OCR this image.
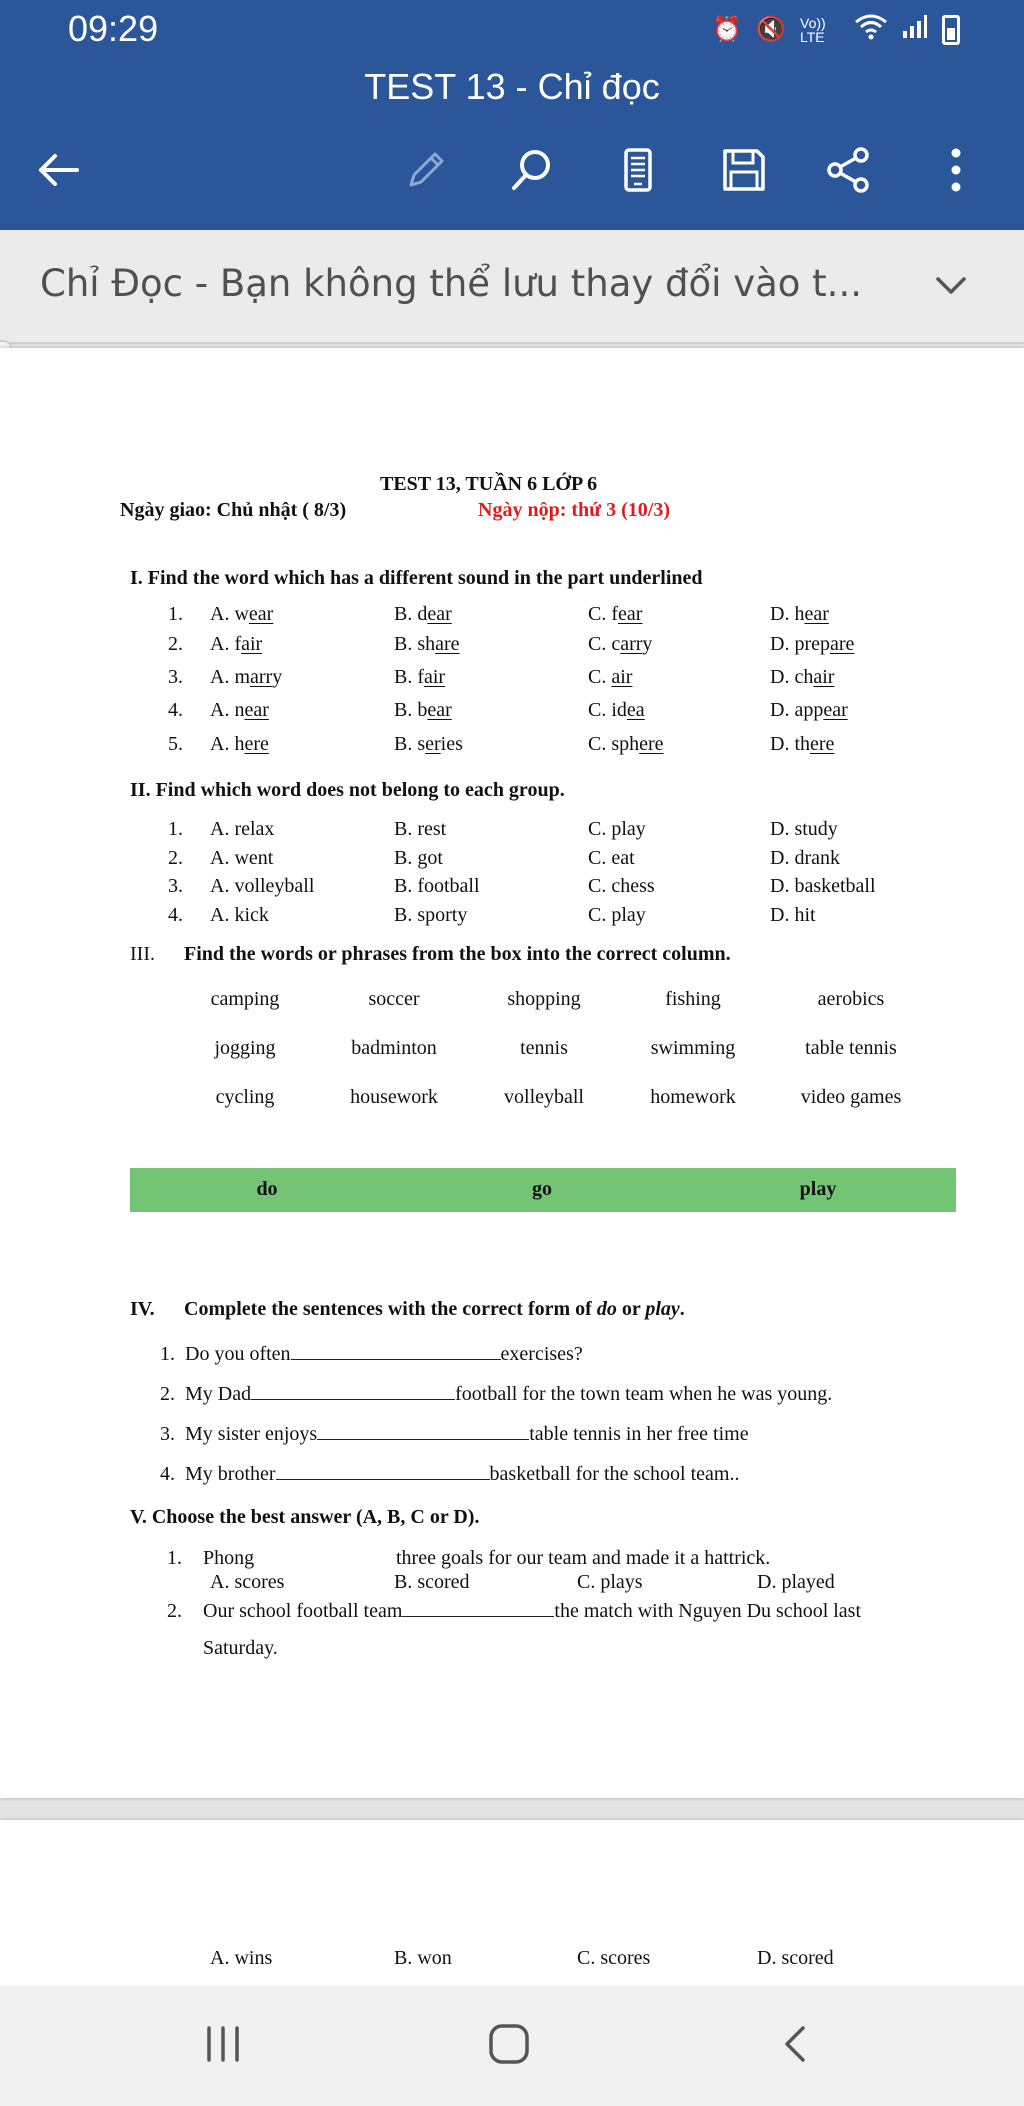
09:29	⏰ 🔇 Vo)) LTE
TEST 13 - Chỉ đọc
Chỉ Đọc - Bạn không thể lưu thay đổi vào t...
TEST 13, TUẦN 6 LỚP 6
Ngày giao: Chủ nhật ( 8/3)	Ngày nộp: thứ 3 (10/3)
I. Find the word which has a different sound in the part underlined
II. Find which word does not belong to each group.
III. Find the words or phrases from the box into the correct column.
camping	soccer	shopping	fishing	aerobics
jogging	badminton	tennis	swimming	table tennis
cycling	housework	volleyball	homework	video games
do	go	play
IV. Complete the sentences with the correct form of do or play.
1. Do you often	exercises?
2. My Dad	football for the town team when he was young.
3. My sister enjoys	table tennis in her free time
4. My brother	basketball for the school team..
V. Choose the best answer (A, B, C or D).
1. Phong	three goals for our team and made it a hattrick.
A. scores	B. scored	C. plays	D. played
2. Our school football team	the match with Nguyen Du school last
Saturday.
1. A. wear	B. dear	C. fear	D. hear
2. A. fair	B. share	C. carry	D. prepare
3. A. marry	B. fair	C. air	D. chair
4. A. near	B. bear	C. idea	D. appear
5. A. here	B. series	C. sphere	D. there
1. A. relax	B. rest	C. play	D. study
2. A. went	B. got	C. eat	D. drank
3. A. volleyball	B. football	C. chess	D. basketball
4. A. kick	B. sporty	C. play	D. hit
A. wins	B. won	C. scores	D. scored
